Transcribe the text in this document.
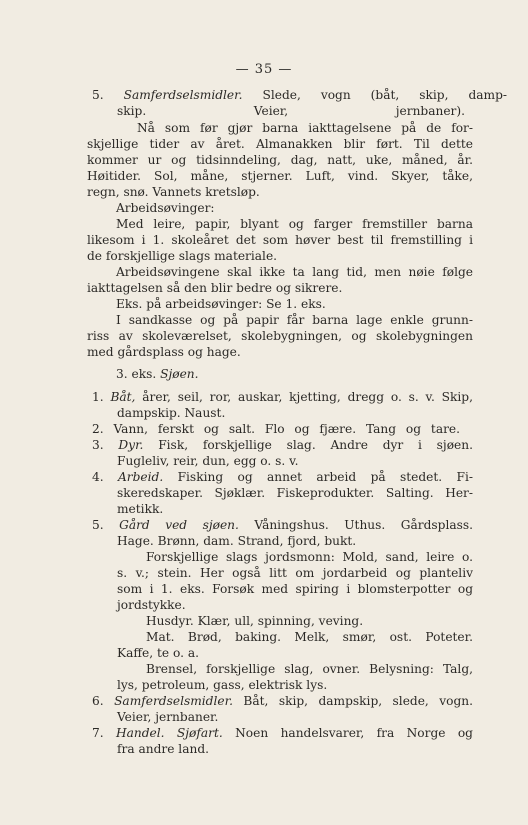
— 35 —
5. Samferdselsmidler. Slede, vogn (båt, skip, damp-
skip. Veier, jernbaner).
Nå som før gjør barna iakttagelsene på de for-
skjellige tider av året. Almanakken blir ført. Til dette
kommer ur og tidsinndeling, dag, natt, uke, måned, år.
Høitider. Sol, måne, stjerner. Luft, vind. Skyer, tåke,
regn, snø. Vannets kretsløp.
Arbeidsøvinger:
Med leire, papir, blyant og farger fremstiller barna
likesom i 1. skoleåret det som høver best til fremstilling i
de forskjellige slags materiale.
Arbeidsøvingene skal ikke ta lang tid, men nøie følge
iakttagelsen så den blir bedre og sikrere.
Eks. på arbeidsøvinger: Se 1. eks.
I sandkasse og på papir får barna lage enkle grunn-
riss av skoleværelset, skolebygningen, og skolebygningen
med gårdsplass og hage.
3. eks. Sjøen.
1. Båt, årer, seil, ror, auskar, kjetting, dregg o. s. v. Skip,
dampskip. Naust.
2. Vann, ferskt og salt. Flo og fjære. Tang og tare.
3. Dyr. Fisk, forskjellige slag. Andre dyr i sjøen.
Fugleliv, reir, dun, egg o. s. v.
4. Arbeid. Fisking og annet arbeid på stedet. Fi-
skeredskaper. Sjøklær. Fiskeprodukter. Salting. Her-
metikk.
5. Gård ved sjøen. Våningshus. Uthus. Gårdsplass.
Hage. Brønn, dam. Strand, fjord, bukt.
Forskjellige slags jordsmonn: Mold, sand, leire o.
s. v.; stein. Her også litt om jordarbeid og planteliv
som i 1. eks. Forsøk med spiring i blomsterpotter og
jordstykke.
Husdyr. Klær, ull, spinning, veving.
Mat. Brød, baking. Melk, smør, ost. Poteter.
Kaffe, te o. a.
Brensel, forskjellige slag, ovner. Belysning: Talg,
lys, petroleum, gass, elektrisk lys.
6. Samferdselsmidler. Båt, skip, dampskip, slede, vogn.
Veier, jernbaner.
7. Handel. Sjøfart. Noen handelsvarer, fra Norge og
fra andre land.
